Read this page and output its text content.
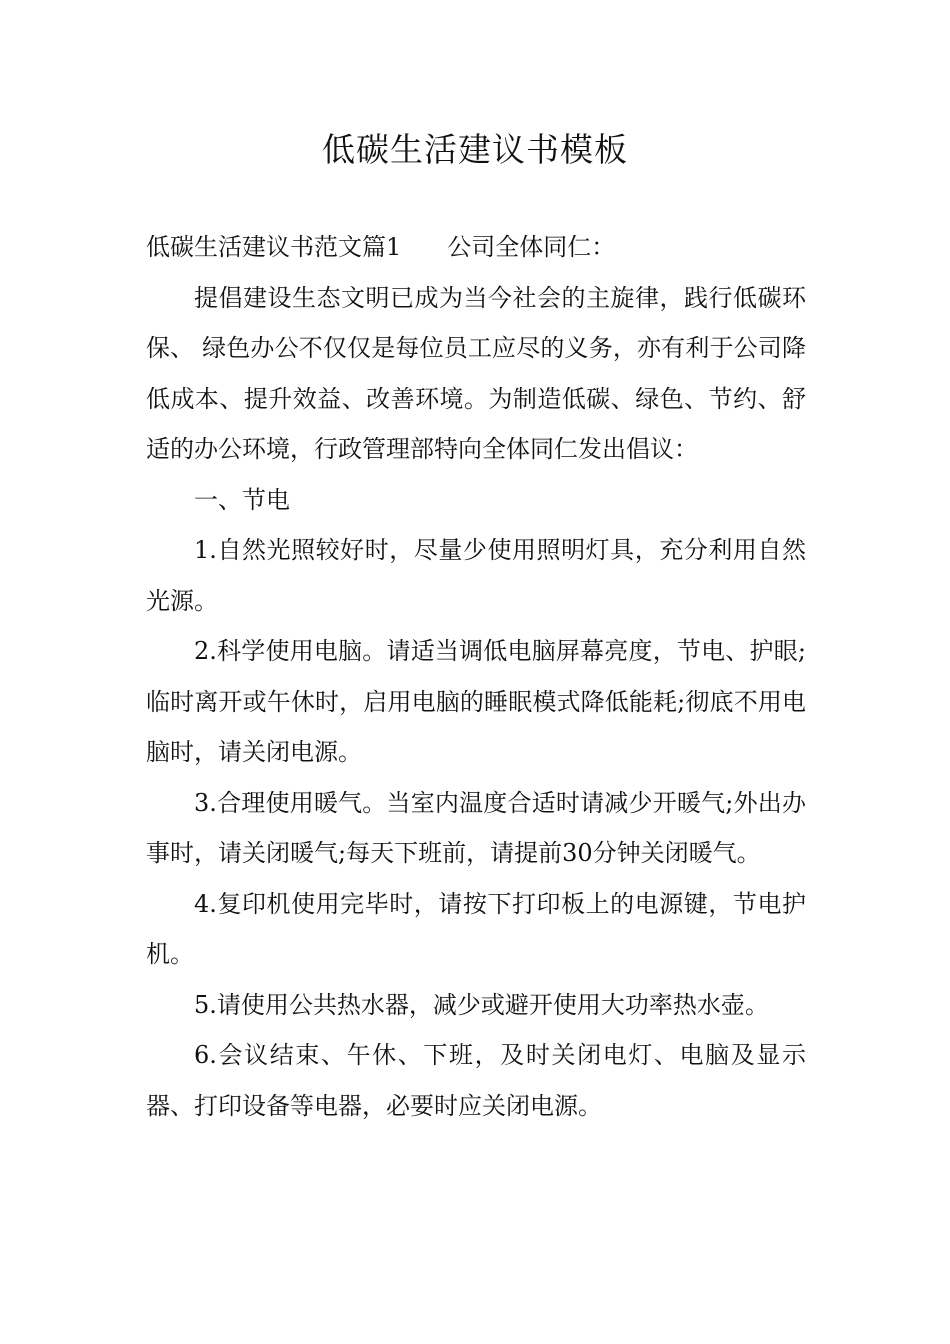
低碳生活建议书模板

低碳生活建议书范文篇1 公司全体同仁：

提倡建设生态文明已成为当今社会的主旋律，践行低碳环保、 绿色办公不仅仅是每位员工应尽的义务，亦有利于公司降低成本、提升效益、改善环境。为制造低碳、绿色、节约、舒适的办公环境，行政管理部特向全体同仁发出倡议：

一、节电

1.自然光照较好时，尽量少使用照明灯具，充分利用自然光源。

2.科学使用电脑。请适当调低电脑屏幕亮度，节电、护眼;临时离开或午休时，启用电脑的睡眠模式降低能耗;彻底不用电脑时，请关闭电源。

3.合理使用暖气。当室内温度合适时请减少开暖气;外出办事时，请关闭暖气;每天下班前，请提前30分钟关闭暖气。

4.复印机使用完毕时，请按下打印板上的电源键，节电护机。

5.请使用公共热水器，减少或避开使用大功率热水壶。

6.会议结束、午休、下班，及时关闭电灯、电脑及显示器、打印设备等电器，必要时应关闭电源。
